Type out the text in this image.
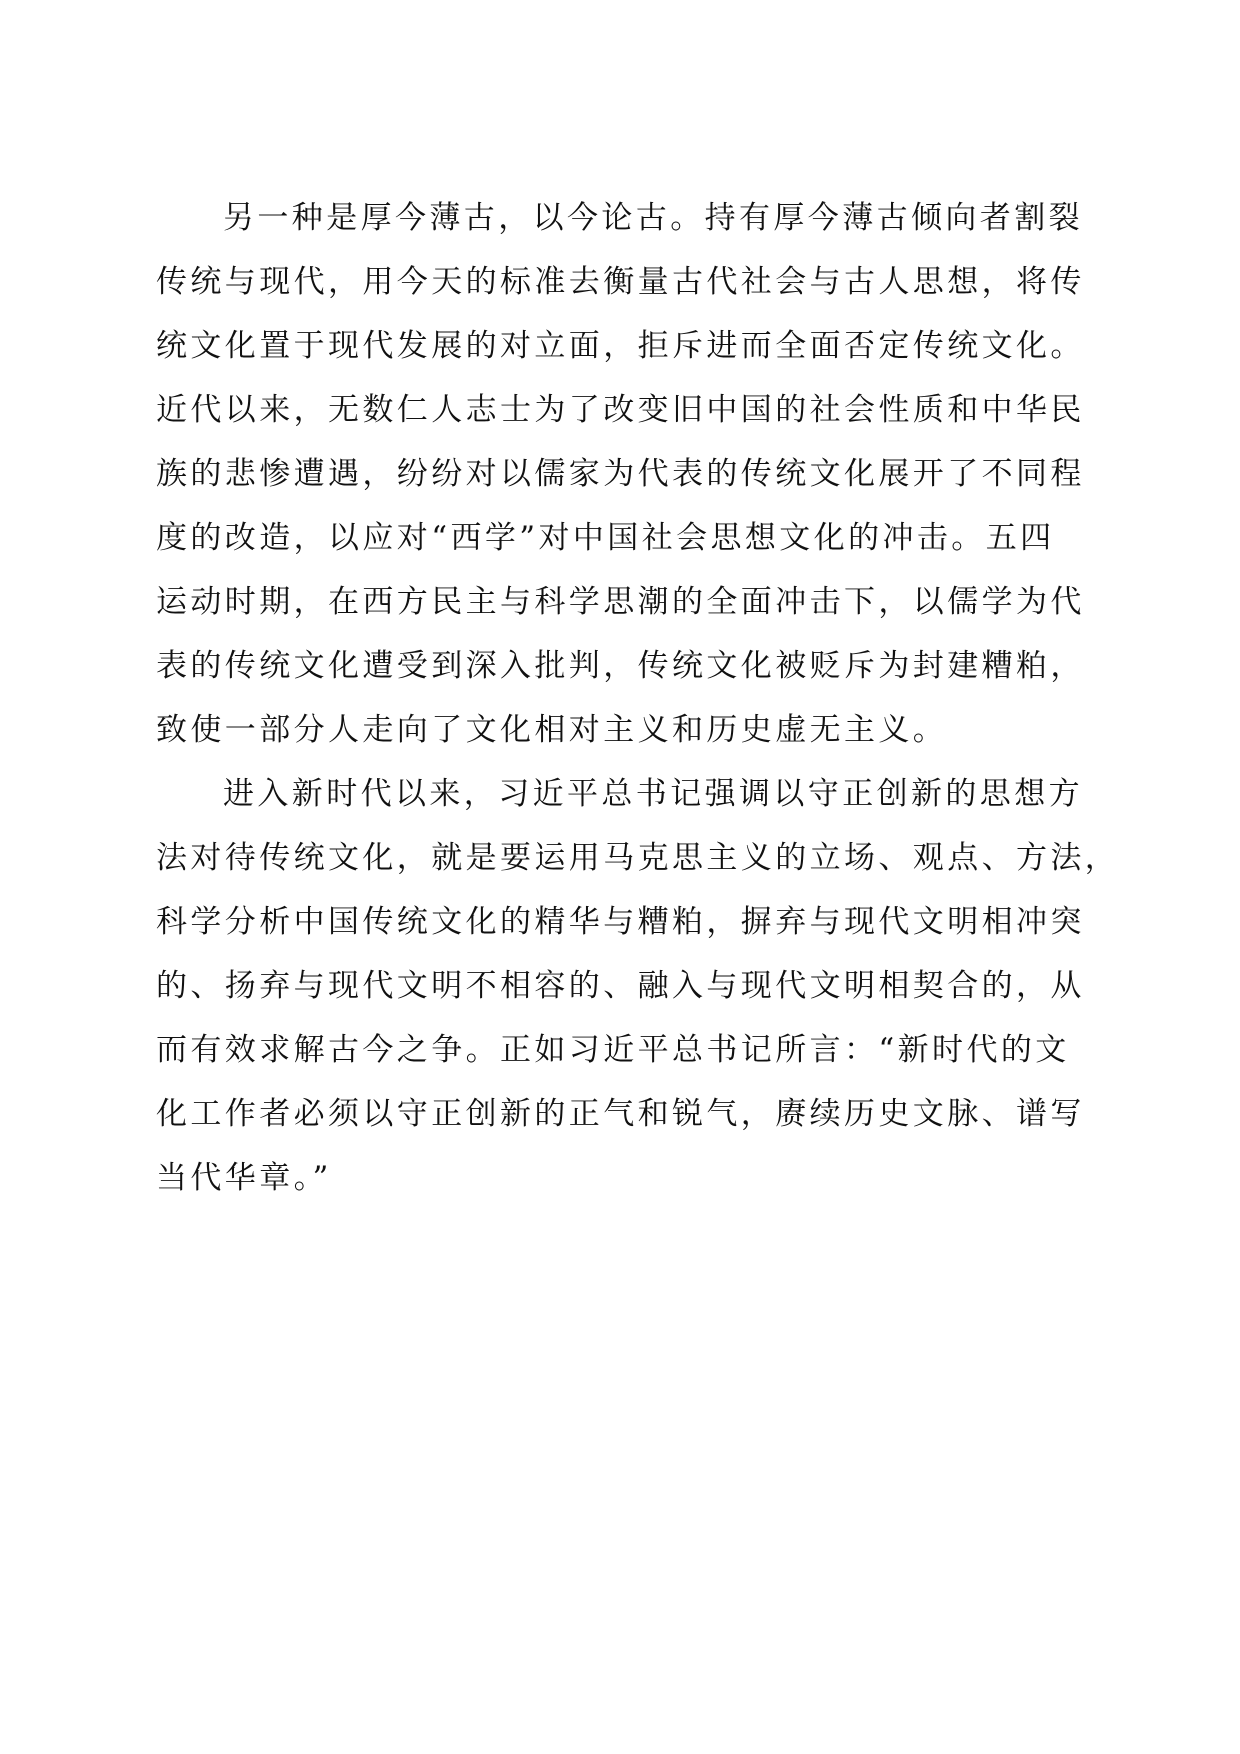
另一种是厚今薄古，以今论古。持有厚今薄古倾向者割裂
传统与现代，用今天的标准去衡量古代社会与古人思想，将传
统文化置于现代发展的对立面，拒斥进而全面否定传统文化。
近代以来，无数仁人志士为了改变旧中国的社会性质和中华民
族的悲惨遭遇，纷纷对以儒家为代表的传统文化展开了不同程
度的改造，以应对“西学”对中国社会思想文化的冲击。五四
运动时期，在西方民主与科学思潮的全面冲击下，以儒学为代
表的传统文化遭受到深入批判，传统文化被贬斥为封建糟粕，
致使一部分人走向了文化相对主义和历史虚无主义。
进入新时代以来，习近平总书记强调以守正创新的思想方
法对待传统文化，就是要运用马克思主义的立场、观点、方法，
科学分析中国传统文化的精华与糟粕，摒弃与现代文明相冲突
的、扬弃与现代文明不相容的、融入与现代文明相契合的，从
而有效求解古今之争。正如习近平总书记所言：“新时代的文
化工作者必须以守正创新的正气和锐气，赓续历史文脉、谱写
当代华章。”
